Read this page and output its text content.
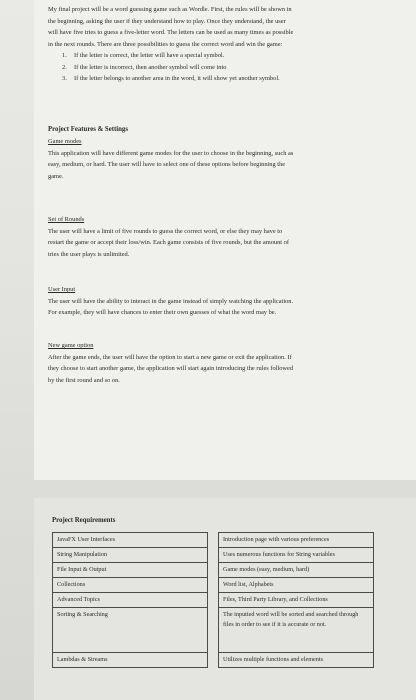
My final project will be a word guessing game such as Wordle. First, the rules will be shown in

the beginning, asking the user if they understand how to play. Once they understand, the user

will have five tries to guess a five-letter word. The letters can be used as many times as possible

in the next rounds. There are three possibilities to guess the correct word and win the game:

1.	If the letter is correct, the letter will have a special symbol.
2.	If the letter is incorrect, then another symbol will come into
3.	If the letter belongs to another area in the word, it will show yet another symbol.
Project Features & Settings

Game modes

This application will have different game modes for the user to choose in the beginning, such as

easy, medium, or hard. The user will have to select one of these options before beginning the

game.

Set of Rounds

The user will have a limit of five rounds to guess the correct word, or else they may have to

restart the game or accept their loss/win. Each game consists of five rounds, but the amount of

tries the user plays is unlimited.

User Input

The user will have the ability to interact in the game instead of simply watching the application.

For example, they will have chances to enter their own guesses of what the word may be.

New game option

After the game ends, the user will have the option to start a new game or exit the application. If

they choose to start another game, the application will start again introducing the rules followed

by the first round and so on.

Project Requirements
JavaFX User Interfaces		Introduction page with various preferences
String Manipulation		Uses numerous functions for String variables
File Input & Output		Game modes (easy, medium, hard)
Collections		Word list, Alphabets
Advanced Topics		Files, Third Party Library, and Collections
Sorting & Searching		The inputted word will be sorted and searched through files in order to see if it is accurate or not.
Lambdas & Streams		Utilizes multiple functions and elements
